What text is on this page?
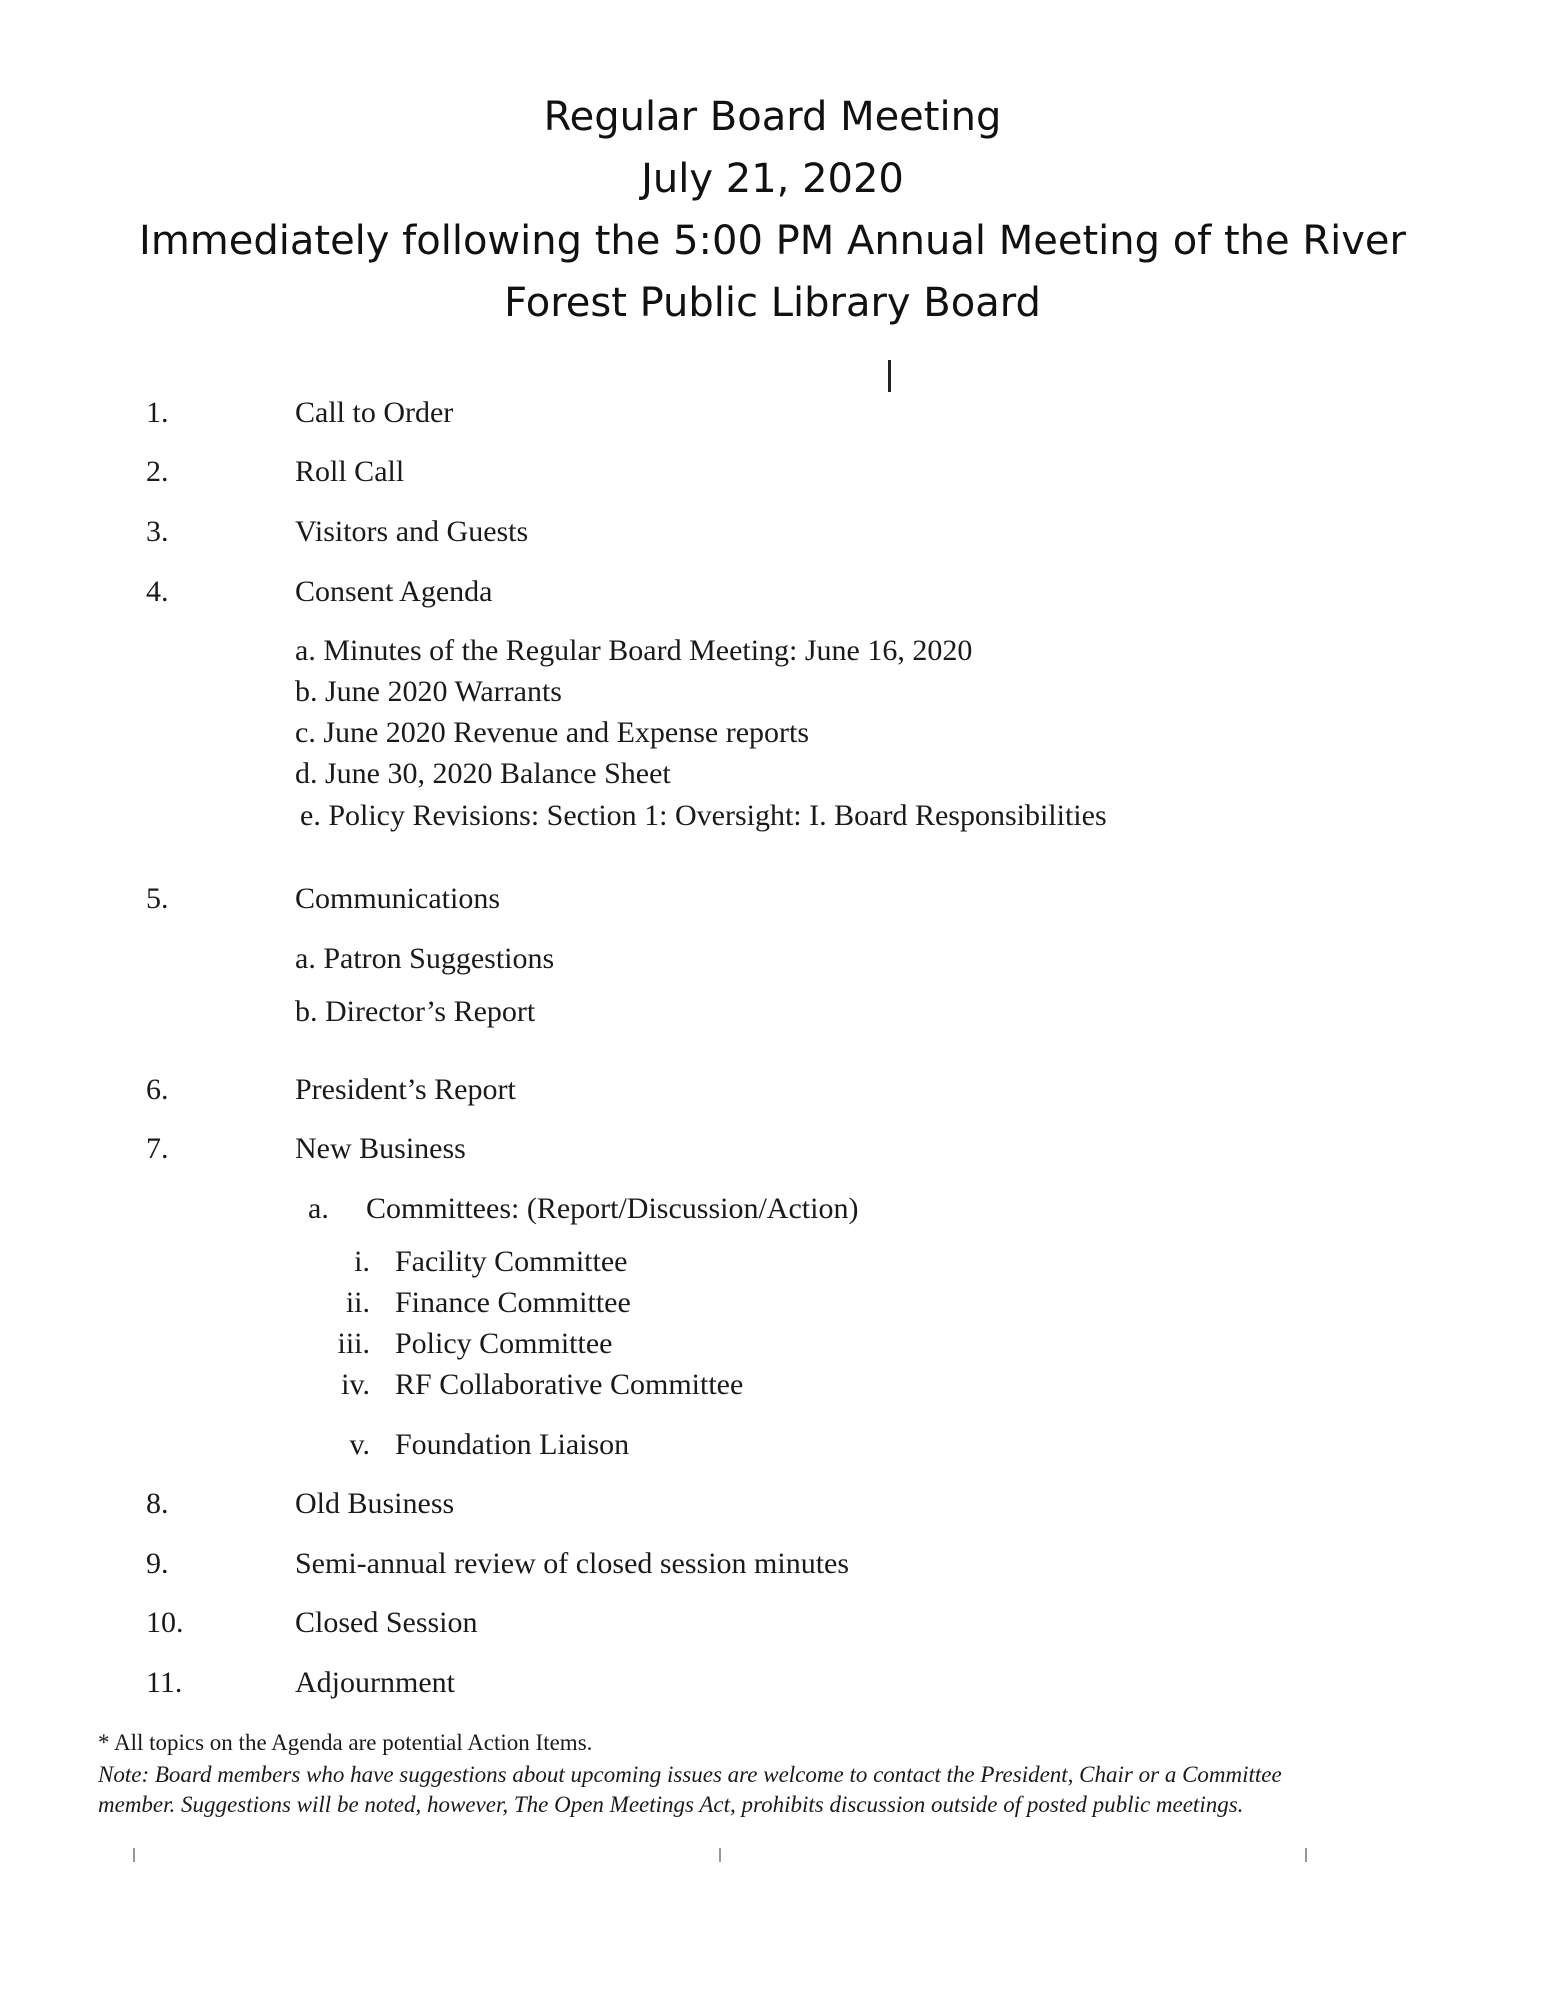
Regular Board Meeting
July 21, 2020
Immediately following the 5:00 PM Annual Meeting of the River
Forest Public Library Board
1.	Call to Order
2.	Roll Call
3.	Visitors and Guests
4.	Consent Agenda
a. Minutes of the Regular Board Meeting: June 16, 2020
b. June 2020 Warrants
c. June 2020 Revenue and Expense reports
d. June 30, 2020 Balance Sheet
e. Policy Revisions: Section 1: Oversight: I. Board Responsibilities
5.	Communications
a. Patron Suggestions
b. Director’s Report
6.	President’s Report
7.	New Business
a. Committees: (Report/Discussion/Action)
i. Facility Committee
ii. Finance Committee
iii. Policy Committee
iv. RF Collaborative Committee
v. Foundation Liaison
8.	Old Business
9.	Semi-annual review of closed session minutes
10.	Closed Session
11.	Adjournment
* All topics on the Agenda are potential Action Items.
Note: Board members who have suggestions about upcoming issues are welcome to contact the President, Chair or a Committee
member. Suggestions will be noted, however, The Open Meetings Act, prohibits discussion outside of posted public meetings.
